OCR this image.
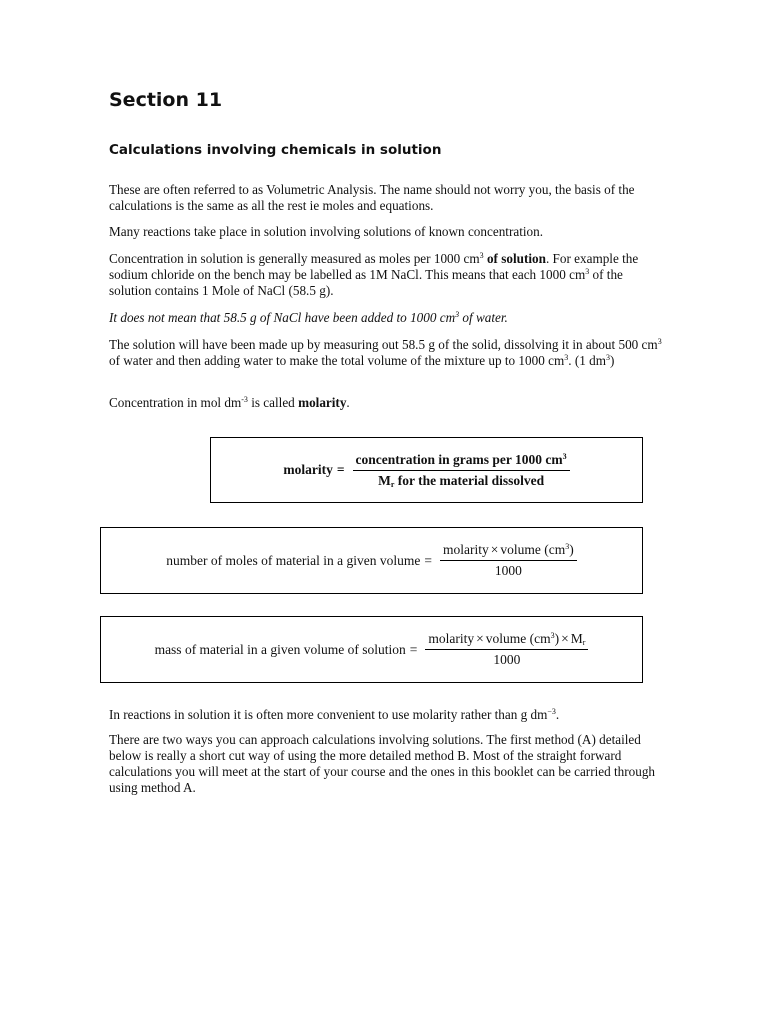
Section 11
Calculations involving chemicals in solution

These are often referred to as Volumetric Analysis. The name should not worry you, the basis of the calculations is the same as all the rest ie moles and equations.

Many reactions take place in solution involving solutions of known concentration.

Concentration in solution is generally measured as moles per 1000 $cm^3$ of solution. For example the sodium chloride on the bench may be labelled as 1M NaCl. This means that each 1000 $cm^3$ of the solution contains 1 Mole of NaCl (58.5 g).

It does not mean that 58.5 g of NaCl have been added to 1000 $cm^3$ of water.

The solution will have been made up by measuring out 58.5 g of the solid, dissolving it in about 500 $cm^3$ of water and then adding water to make the total volume of the mixture up to 1000 $cm^3$. (1 $dm^3$)

Concentration in mol $dm^{-3}$ is called molarity.

molarity = $\frac{concentration in grams per 1000 cm^3}{M_r for the material dissolved}$
number of moles of material in a given volume = $\frac{molarity \times volume (cm^3)}{1000}$
mass of material in a given volume of solution = $\frac{molarity \times volume (cm^3) \times M_r}{1000}$

In reactions in solution it is often more convenient to use molarity rather than g $dm^{-3}$.

There are two ways you can approach calculations involving solutions. The first method (A) detailed below is really a short cut way of using the more detailed method B. Most of the straight forward calculations you will meet at the start of your course and the ones in this booklet can be carried through using method A.
